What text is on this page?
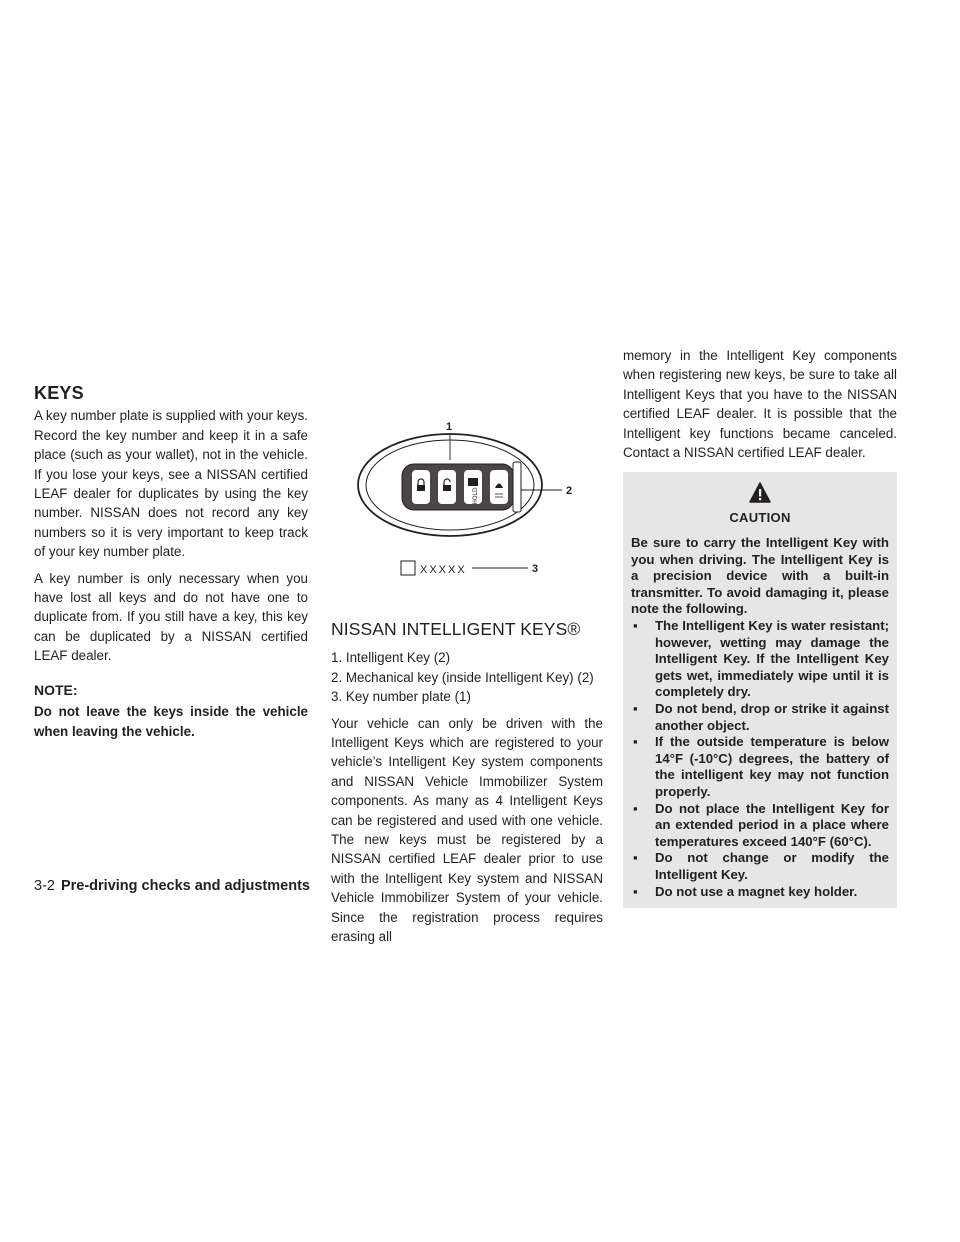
KEYS

A key number plate is supplied with your keys. Record the key number and keep it in a safe place (such as your wallet), not in the vehicle. If you lose your keys, see a NISSAN certified LEAF dealer for duplicates by using the key number. NISSAN does not record any key numbers so it is very important to keep track of your key number plate.

A key number is only necessary when you have lost all keys and do not have one to duplicate from. If you still have a key, this key can be duplicated by a NISSAN certified LEAF dealer.

NOTE:

Do not leave the keys inside the vehicle when leaving the vehicle.

HOLD
1
2
XXXXX	3
NISSAN INTELLIGENT KEYS®
1. Intelligent Key (2)
2. Mechanical key (inside Intelligent Key) (2)
3. Key number plate (1)

Your vehicle can only be driven with the Intelligent Keys which are registered to your vehicle’s Intelligent Key system components and NISSAN Vehicle Immobilizer System components. As many as 4 Intelligent Keys can be registered and used with one vehicle. The new keys must be registered by a NISSAN certified LEAF dealer prior to use with the Intelligent Key system and NISSAN Vehicle Immobilizer System of your vehicle. Since the registration process requires erasing all

memory in the Intelligent Key components when registering new keys, be sure to take all Intelligent Keys that you have to the NISSAN certified LEAF dealer. It is possible that the Intelligent key functions became canceled. Contact a NISSAN certified LEAF dealer.

CAUTION

Be sure to carry the Intelligent Key with you when driving. The Intelligent Key is a precision device with a built-in transmitter. To avoid damaging it, please note the following.

▪ The Intelligent Key is water resistant; however, wetting may damage the Intelligent Key. If the Intelligent Key gets wet, immediately wipe until it is completely dry.
▪ Do not bend, drop or strike it against another object.
▪ If the outside temperature is below 14°F (-10°C) degrees, the battery of the intelligent key may not function properly.
▪ Do not place the Intelligent Key for an extended period in a place where temperatures exceed 140°F (60°C).
▪ Do not change or modify the Intelligent Key.
▪ Do not use a magnet key holder.
3-2 Pre-driving checks and adjustments
